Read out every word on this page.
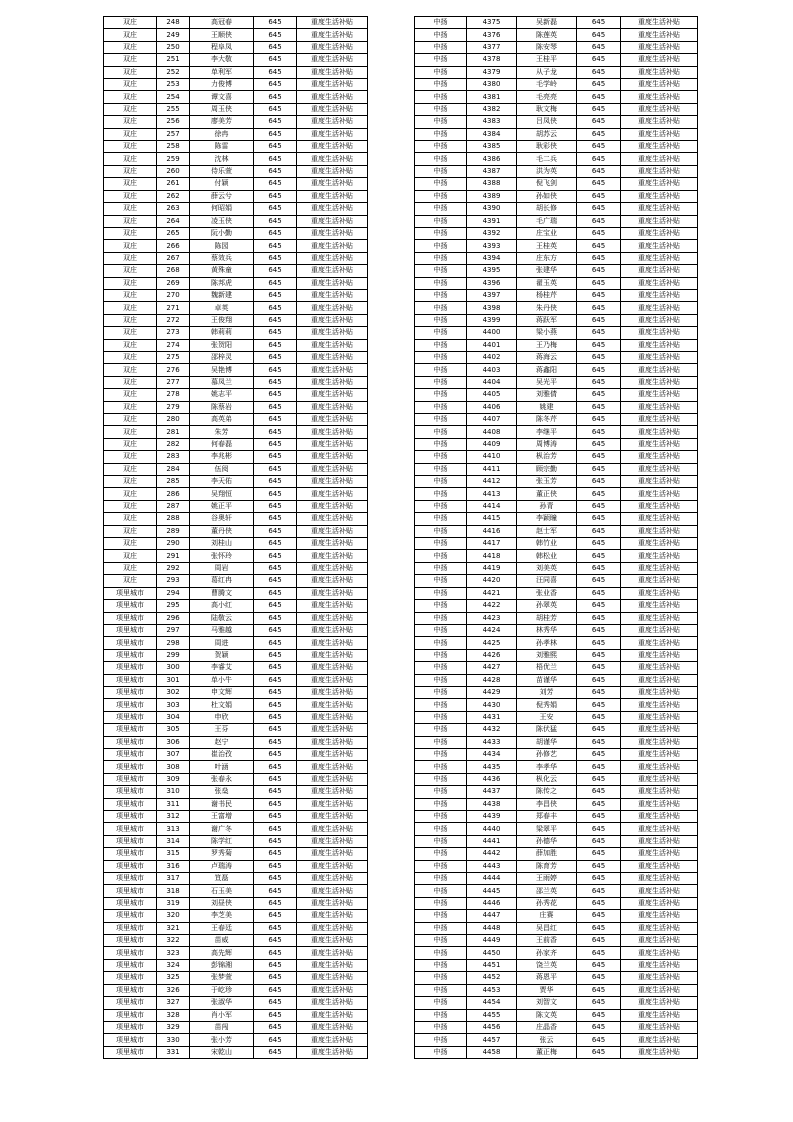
双庄	248	高冠春	645	重度生活补贴
双庄	249	王顺侠	645	重度生活补贴
双庄	250	程阜凤	645	重度生活补贴
双庄	251	李大敬	645	重度生活补贴
双庄	252	单利军	645	重度生活补贴
双庄	253	力俊博	645	重度生活补贴
双庄	254	谭文喜	645	重度生活补贴
双庄	255	周玉侠	645	重度生活补贴
双庄	256	廖美芳	645	重度生活补贴
双庄	257	徐冉	645	重度生活补贴
双庄	258	陈雷	645	重度生活补贴
双庄	259	沈林	645	重度生活补贴
双庄	260	侍乐萱	645	重度生活补贴
双庄	261	付颖	645	重度生活补贴
双庄	262	薛云兮	645	重度生活补贴
双庄	263	何昭娟	645	重度生活补贴
双庄	264	凌玉侠	645	重度生活补贴
双庄	265	阮小勤	645	重度生活补贴
双庄	266	陈园	645	重度生活补贴
双庄	267	蔡效兵	645	重度生活补贴
双庄	268	黄殊童	645	重度生活补贴
双庄	269	陈邦虎	645	重度生活补贴
双庄	270	魏新建	645	重度生活补贴
双庄	271	卓英	645	重度生活补贴
双庄	272	王俊翔	645	重度生活补贴
双庄	273	韩莉莉	645	重度生活补贴
双庄	274	张贺阳	645	重度生活补贴
双庄	275	邵梓灵	645	重度生活补贴
双庄	276	吴艳博	645	重度生活补贴
双庄	277	慕凤兰	645	重度生活补贴
双庄	278	姚志平	645	重度生活补贴
双庄	279	陈蔡岩	645	重度生活补贴
双庄	280	高英弟	645	重度生活补贴
双庄	281	朱芳	645	重度生活补贴
双庄	282	何春磊	645	重度生活补贴
双庄	283	李兆彬	645	重度生活补贴
双庄	284	伍阅	645	重度生活补贴
双庄	285	李天佑	645	重度生活补贴
双庄	286	吴翔恒	645	重度生活补贴
双庄	287	姚正平	645	重度生活补贴
双庄	288	谷奥轩	645	重度生活补贴
双庄	289	董丹侠	645	重度生活补贴
双庄	290	刘桂山	645	重度生活补贴
双庄	291	张怀玲	645	重度生活补贴
双庄	292	周岩	645	重度生活补贴
双庄	293	葛红冉	645	重度生活补贴
项里城市	294	曹腾文	645	重度生活补贴
项里城市	295	高小红	645	重度生活补贴
项里城市	296	陆敬云	645	重度生活补贴
项里城市	297	马雅越	645	重度生活补贴
项里城市	298	周进	645	重度生活补贴
项里城市	299	贺颖	645	重度生活补贴
项里城市	300	李睿艾	645	重度生活补贴
项里城市	301	单小牛	645	重度生活补贴
项里城市	302	申文辉	645	重度生活补贴
项里城市	303	杜文娟	645	重度生活补贴
项里城市	304	申欣	645	重度生活补贴
项里城市	305	王芬	645	重度生活补贴
项里城市	306	赵宁	645	重度生活补贴
项里城市	307	崔治孜	645	重度生活补贴
项里城市	308	叶涵	645	重度生活补贴
项里城市	309	张春永	645	重度生活补贴
项里城市	310	张燊	645	重度生活补贴
项里城市	311	谢书民	645	重度生活补贴
项里城市	312	王富增	645	重度生活补贴
项里城市	313	谢广冬	645	重度生活补贴
项里城市	314	陈学红	645	重度生活补贴
项里城市	315	罗秀菊	645	重度生活补贴
项里城市	316	卢瑞涛	645	重度生活补贴
项里城市	317	笪磊	645	重度生活补贴
项里城市	318	石玉美	645	重度生活补贴
项里城市	319	刘昼侠	645	重度生活补贴
项里城市	320	李芝美	645	重度生活补贴
项里城市	321	王春廷	645	重度生活补贴
项里城市	322	苗威	645	重度生活补贴
项里城市	323	高先辉	645	重度生活补贴
项里城市	324	彭锦湘	645	重度生活补贴
项里城市	325	张梦萱	645	重度生活补贴
项里城市	326	于屹珍	645	重度生活补贴
项里城市	327	张淑华	645	重度生活补贴
项里城市	328	肖小军	645	重度生活补贴
项里城市	329	苗闯	645	重度生活补贴
项里城市	330	张小芳	645	重度生活补贴
项里城市	331	宋乾山	645	重度生活补贴
中扬	4375	吴新磊	645	重度生活补贴
中扬	4376	陈莲英	645	重度生活补贴
中扬	4377	陈安琴	645	重度生活补贴
中扬	4378	王桂平	645	重度生活补贴
中扬	4379	从子龙	645	重度生活补贴
中扬	4380	毛学岭	645	重度生活补贴
中扬	4381	毛亮亮	645	重度生活补贴
中扬	4382	耿文梅	645	重度生活补贴
中扬	4383	吕凤侠	645	重度生活补贴
中扬	4384	胡苏云	645	重度生活补贴
中扬	4385	耿彩侠	645	重度生活补贴
中扬	4386	毛二兵	645	重度生活补贴
中扬	4387	洪为英	645	重度生活补贴
中扬	4388	倪飞剑	645	重度生活补贴
中扬	4389	孙如侠	645	重度生活补贴
中扬	4390	胡长修	645	重度生活补贴
中扬	4391	毛广瑞	645	重度生活补贴
中扬	4392	庄宝业	645	重度生活补贴
中扬	4393	王桂英	645	重度生活补贴
中扬	4394	庄东方	645	重度生活补贴
中扬	4395	张建华	645	重度生活补贴
中扬	4396	翟玉英	645	重度生活补贴
中扬	4397	杨桂芹	645	重度生活补贴
中扬	4398	朱丹侠	645	重度生活补贴
中扬	4399	蒋跃军	645	重度生活补贴
中扬	4400	梁小燕	645	重度生活补贴
中扬	4401	王乃梅	645	重度生活补贴
中扬	4402	蒋海云	645	重度生活补贴
中扬	4403	蒋鑫阳	645	重度生活补贴
中扬	4404	吴光平	645	重度生活补贴
中扬	4405	刘雅倩	645	重度生活补贴
中扬	4406	姚建	645	重度生活补贴
中扬	4407	陈冬芹	645	重度生活补贴
中扬	4408	李继平	645	重度生活补贴
中扬	4409	周博涛	645	重度生活补贴
中扬	4410	枞治芳	645	重度生活补贴
中扬	4411	顾宗勤	645	重度生活补贴
中扬	4412	张玉芳	645	重度生活补贴
中扬	4413	董正侠	645	重度生活补贴
中扬	4414	孙青	645	重度生活补贴
中扬	4415	李颖瞳	645	重度生活补贴
中扬	4416	赵士军	645	重度生活补贴
中扬	4417	韩竹业	645	重度生活补贴
中扬	4418	韩松业	645	重度生活补贴
中扬	4419	刘美英	645	重度生活补贴
中扬	4420	汪同喜	645	重度生活补贴
中扬	4421	张业香	645	重度生活补贴
中扬	4422	孙翠英	645	重度生活补贴
中扬	4423	胡桂芳	645	重度生活补贴
中扬	4424	林秀华	645	重度生活补贴
中扬	4425	孙孝林	645	重度生活补贴
中扬	4426	刘雅熙	645	重度生活补贴
中扬	4427	梧优兰	645	重度生活补贴
中扬	4428	苗谨华	645	重度生活补贴
中扬	4429	刘芳	645	重度生活补贴
中扬	4430	倪秀娟	645	重度生活补贴
中扬	4431	王安	645	重度生活补贴
中扬	4432	陈伏猛	645	重度生活补贴
中扬	4433	胡谨华	645	重度生活补贴
中扬	4434	孙修艺	645	重度生活补贴
中扬	4435	李孝华	645	重度生活补贴
中扬	4436	枞化云	645	重度生活补贴
中扬	4437	陈传之	645	重度生活补贴
中扬	4438	李昌侠	645	重度生活补贴
中扬	4439	郑春丰	645	重度生活补贴
中扬	4440	梁翠平	645	重度生活补贴
中扬	4441	孙德华	645	重度生活补贴
中扬	4442	薛加胜	645	重度生活补贴
中扬	4443	陈育芳	645	重度生活补贴
中扬	4444	王雨婷	645	重度生活补贴
中扬	4445	邵兰英	645	重度生活补贴
中扬	4446	孙秀花	645	重度生活补贴
中扬	4447	庄赛	645	重度生活补贴
中扬	4448	吴昌红	645	重度生活补贴
中扬	4449	王前香	645	重度生活补贴
中扬	4450	孙家齐	645	重度生活补贴
中扬	4451	饶兰英	645	重度生活补贴
中扬	4452	蒋恩平	645	重度生活补贴
中扬	4453	贾华	645	重度生活补贴
中扬	4454	刘智文	645	重度生活补贴
中扬	4455	陈文英	645	重度生活补贴
中扬	4456	庄晶香	645	重度生活补贴
中扬	4457	张云	645	重度生活补贴
中扬	4458	董正梅	645	重度生活补贴
